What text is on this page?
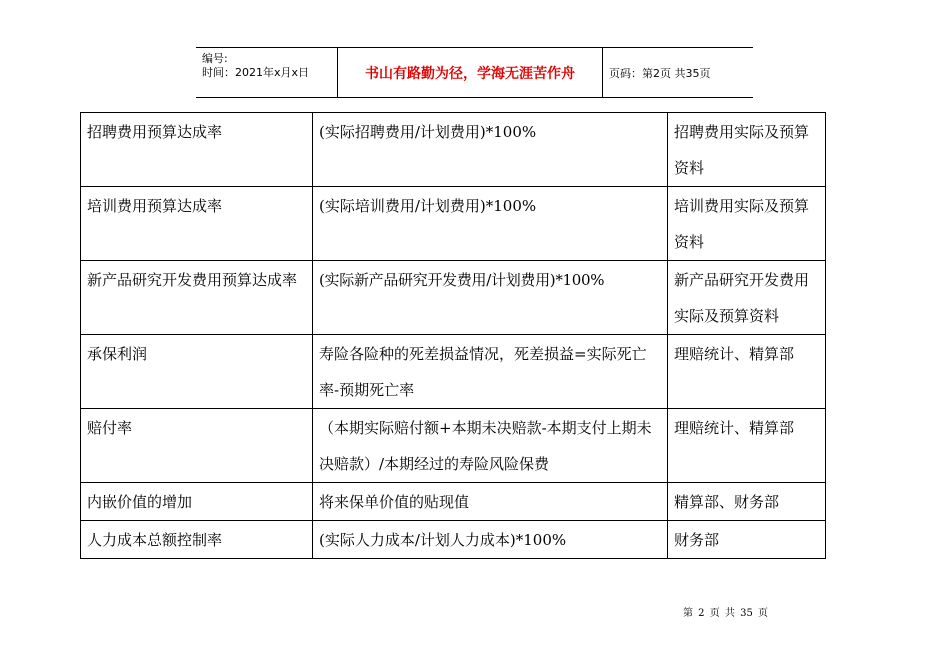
编号:
时间：2021年x月x日	书山有路勤为径，学海无涯苦作舟	页码：第2页 共35页
招聘费用预算达成率	(实际招聘费用/计划费用)*100%	招聘费用实际及预算资料
培训费用预算达成率	(实际培训费用/计划费用)*100%	培训费用实际及预算资料
新产品研究开发费用预算达成率	(实际新产品研究开发费用/计划费用)*100%	新产品研究开发费用实际及预算资料
承保利润	寿险各险种的死差损益情况，死差损益=实际死亡率-预期死亡率	理赔统计、精算部
赔付率	（本期实际赔付额+本期未决赔款-本期支付上期未决赔款）/本期经过的寿险风险保费	理赔统计、精算部
内嵌价值的增加	将来保单价值的贴现值	精算部、财务部
人力成本总额控制率	(实际人力成本/计划人力成本)*100%	财务部
第 2 页 共 35 页
